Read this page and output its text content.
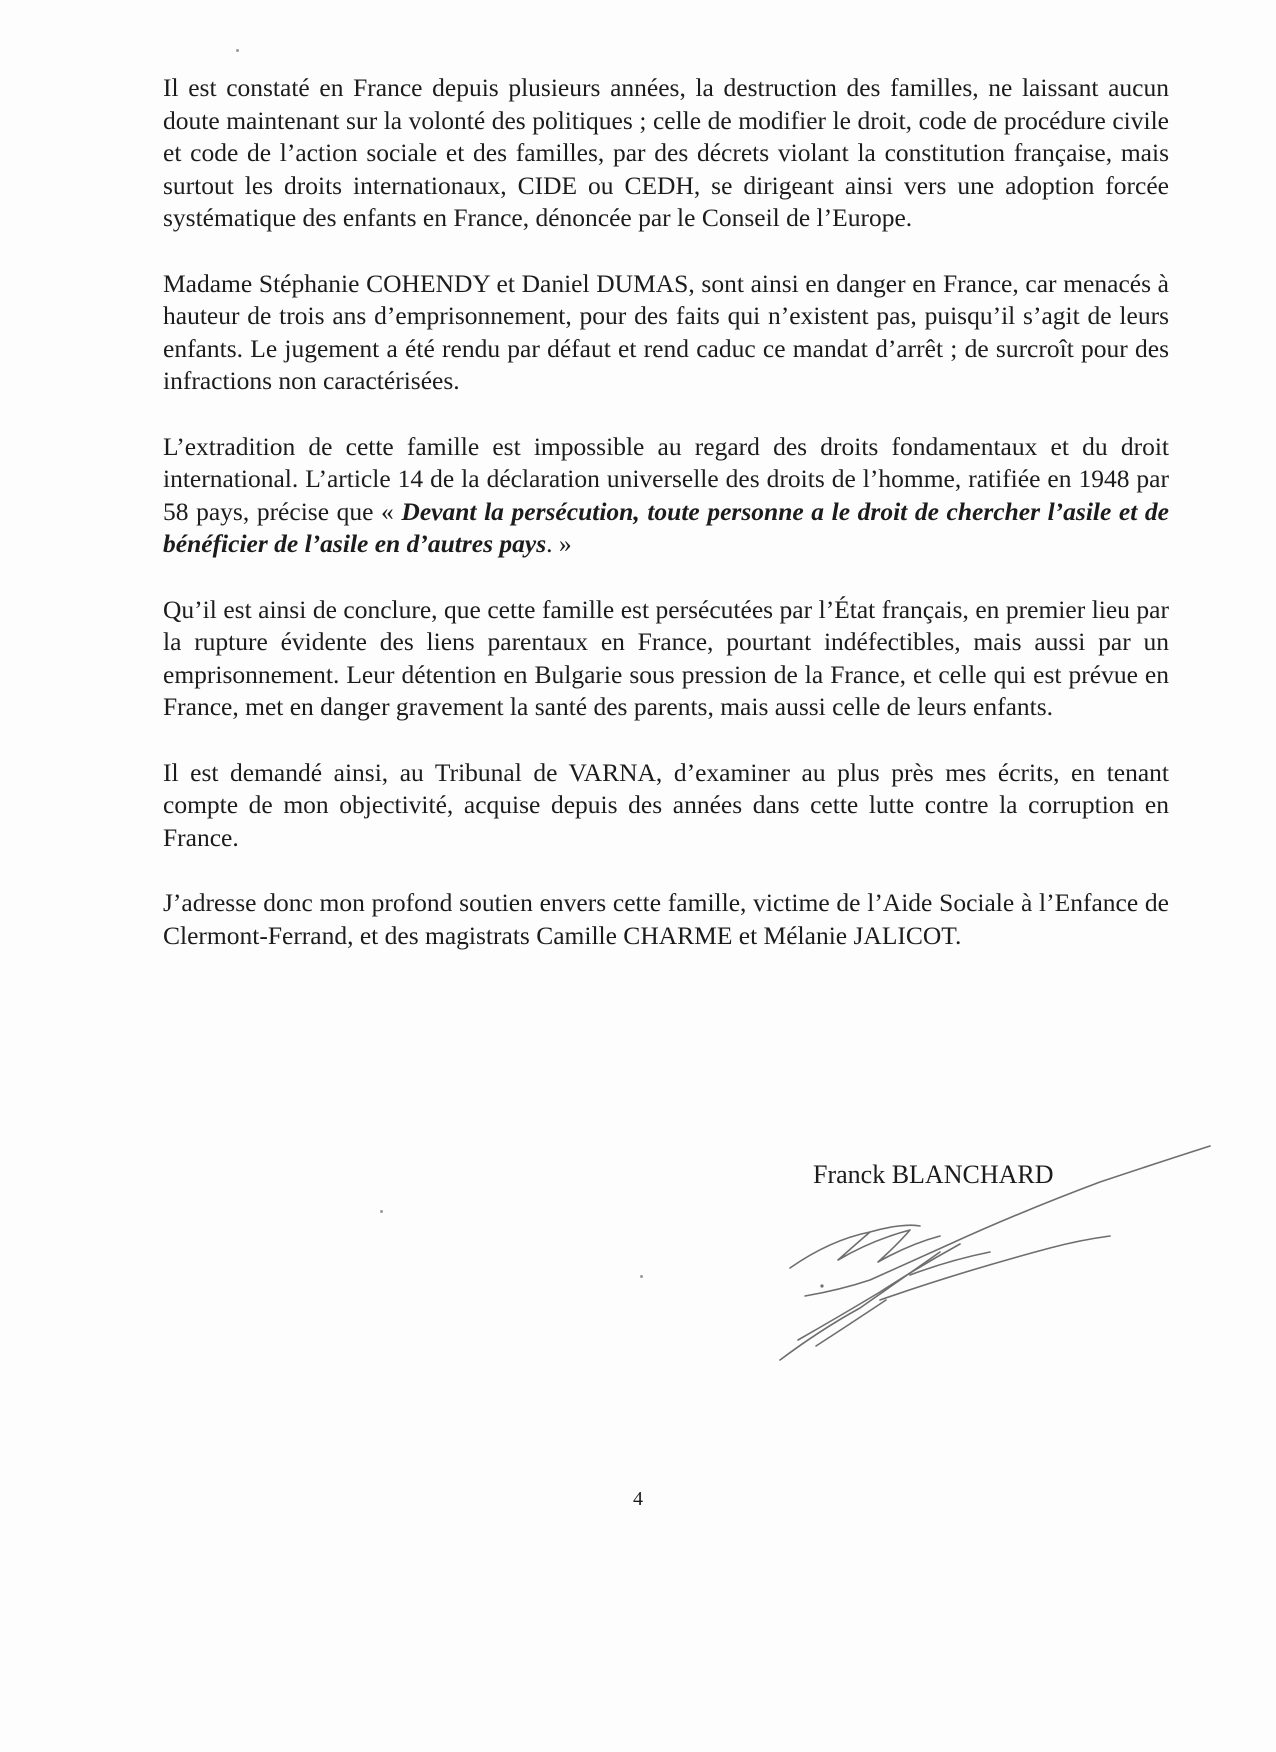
Il est constaté en France depuis plusieurs années, la destruction des familles, ne laissant aucun doute maintenant sur la volonté des politiques ; celle de modifier le droit, code de procédure civile et code de l’action sociale et des familles, par des décrets violant la constitution française, mais surtout les droits internationaux, CIDE ou CEDH, se dirigeant ainsi vers une adoption forcée systématique des enfants en France, dénoncée par le Conseil de l’Europe.

Madame Stéphanie COHENDY et Daniel DUMAS, sont ainsi en danger en France, car menacés à hauteur de trois ans d’emprisonnement, pour des faits qui n’existent pas, puisqu’il s’agit de leurs enfants. Le jugement a été rendu par défaut et rend caduc ce mandat d’arrêt ; de surcroît pour des infractions non caractérisées.

L’extradition de cette famille est impossible au regard des droits fondamentaux et du droit international. L’article 14 de la déclaration universelle des droits de l’homme, ratifiée en 1948 par 58 pays, précise que « Devant la persécution, toute personne a le droit de chercher l’asile et de bénéficier de l’asile en d’autres pays. »

Qu’il est ainsi de conclure, que cette famille est persécutées par l’État français, en premier lieu par la rupture évidente des liens parentaux en France, pourtant indéfectibles, mais aussi par un emprisonnement. Leur détention en Bulgarie sous pression de la France, et celle qui est prévue en France, met en danger gravement la santé des parents, mais aussi celle de leurs enfants.

Il est demandé ainsi, au Tribunal de VARNA, d’examiner au plus près mes écrits, en tenant compte de mon objectivité, acquise depuis des années dans cette lutte contre la corruption en France.

J’adresse donc mon profond soutien envers cette famille, victime de l’Aide Sociale à l’Enfance de Clermont-Ferrand, et des magistrats Camille CHARME et Mélanie JALICOT.

Franck BLANCHARD
4
